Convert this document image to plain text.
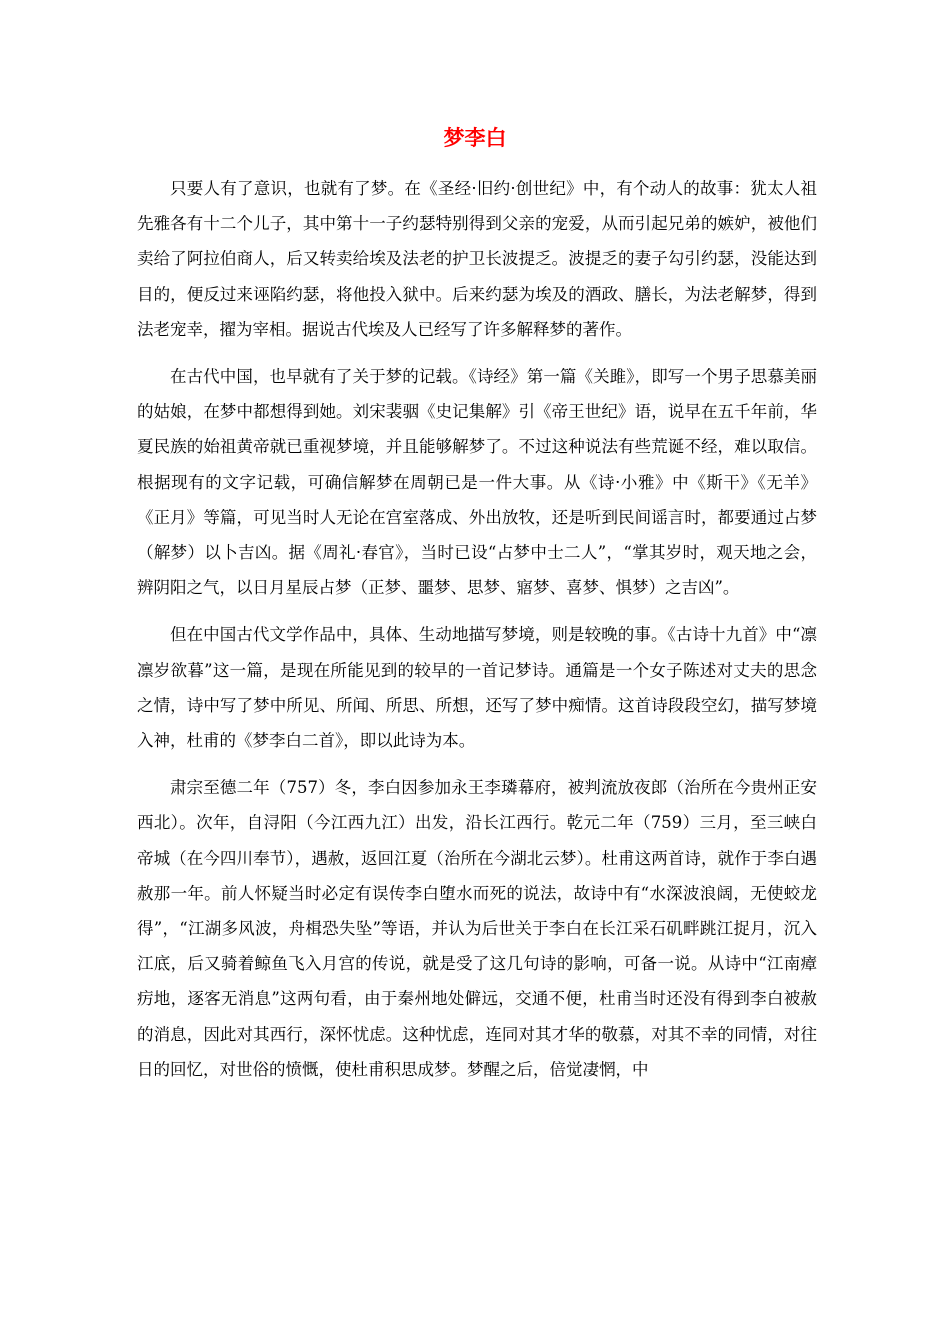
梦李白

只要人有了意识，也就有了梦。在《圣经·旧约·创世纪》中，有个动人的故事：犹太人祖先雅各有十二个儿子，其中第十一子约瑟特别得到父亲的宠爱，从而引起兄弟的嫉妒，被他们卖给了阿拉伯商人，后又转卖给埃及法老的护卫长波提乏。波提乏的妻子勾引约瑟，没能达到目的，便反过来诬陷约瑟，将他投入狱中。后来约瑟为埃及的酒政、膳长，为法老解梦，得到法老宠幸，擢为宰相。据说古代埃及人已经写了许多解释梦的著作。

在古代中国，也早就有了关于梦的记载。《诗经》第一篇《关雎》，即写一个男子思慕美丽的姑娘，在梦中都想得到她。刘宋裴骃《史记集解》引《帝王世纪》语，说早在五千年前，华夏民族的始祖黄帝就已重视梦境，并且能够解梦了。不过这种说法有些荒诞不经，难以取信。根据现有的文字记载，可确信解梦在周朝已是一件大事。从《诗·小雅》中《斯干》《无羊》《正月》等篇，可见当时人无论在宫室落成、外出放牧，还是听到民间谣言时，都要通过占梦（解梦）以卜吉凶。据《周礼·春官》，当时已设“占梦中士二人”，“掌其岁时，观天地之会，辨阴阳之气，以日月星辰占梦（正梦、噩梦、思梦、寤梦、喜梦、惧梦）之吉凶”。

但在中国古代文学作品中，具体、生动地描写梦境，则是较晚的事。《古诗十九首》中“凛凛岁欲暮”这一篇，是现在所能见到的较早的一首记梦诗。通篇是一个女子陈述对丈夫的思念之情，诗中写了梦中所见、所闻、所思、所想，还写了梦中痴情。这首诗段段空幻，描写梦境入神，杜甫的《梦李白二首》，即以此诗为本。

肃宗至德二年（757）冬，李白因参加永王李璘幕府，被判流放夜郎（治所在今贵州正安西北）。次年，自浔阳（今江西九江）出发，沿长江西行。乾元二年（759）三月，至三峡白帝城（在今四川奉节），遇赦，返回江夏（治所在今湖北云梦）。杜甫这两首诗，就作于李白遇赦那一年。前人怀疑当时必定有误传李白堕水而死的说法，故诗中有“水深波浪阔，无使蛟龙得”，“江湖多风波，舟楫恐失坠”等语，并认为后世关于李白在长江采石矶畔跳江捉月，沉入江底，后又骑着鲸鱼飞入月宫的传说，就是受了这几句诗的影响，可备一说。从诗中“江南瘴疠地，逐客无消息”这两句看，由于秦州地处僻远，交通不便，杜甫当时还没有得到李白被赦的消息，因此对其西行，深怀忧虑。这种忧虑，连同对其才华的敬慕，对其不幸的同情，对往日的回忆，对世俗的愤慨，使杜甫积思成梦。梦醒之后，倍觉凄惘，中
